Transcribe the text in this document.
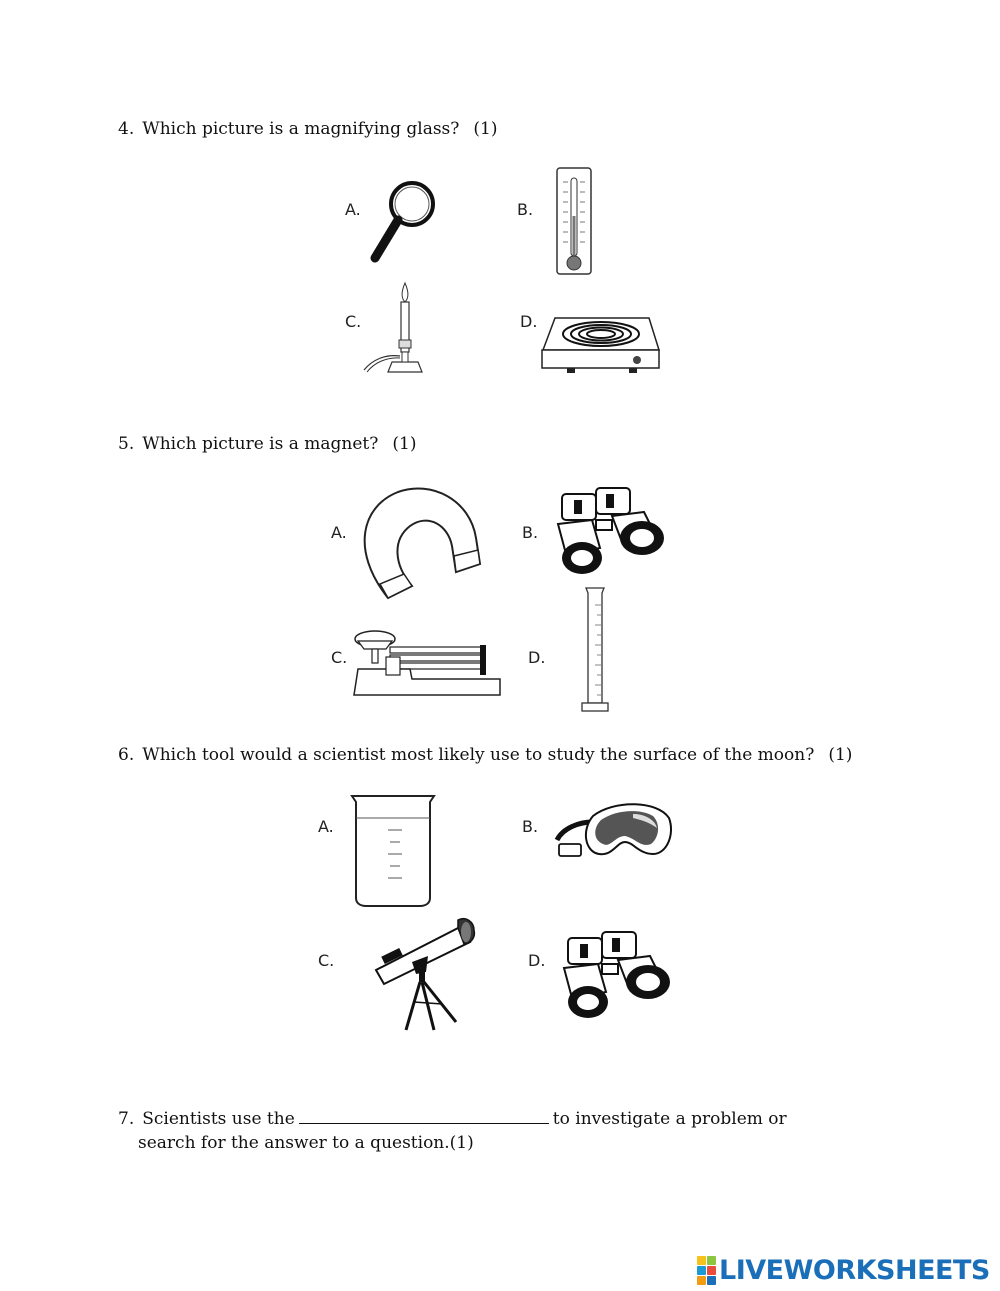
4. Which picture is a magnifying glass? (1)
A.	B.
C.	D.
5. Which picture is a magnet? (1)
A.	B.
C.	D.
6. Which tool would a scientist most likely use to study the surface of the moon? (1)
A.	B.
C.	D.
7. Scientists use the	to investigate a problem or
search for the answer to a question.(1)
LIVEWORKSHEETS
